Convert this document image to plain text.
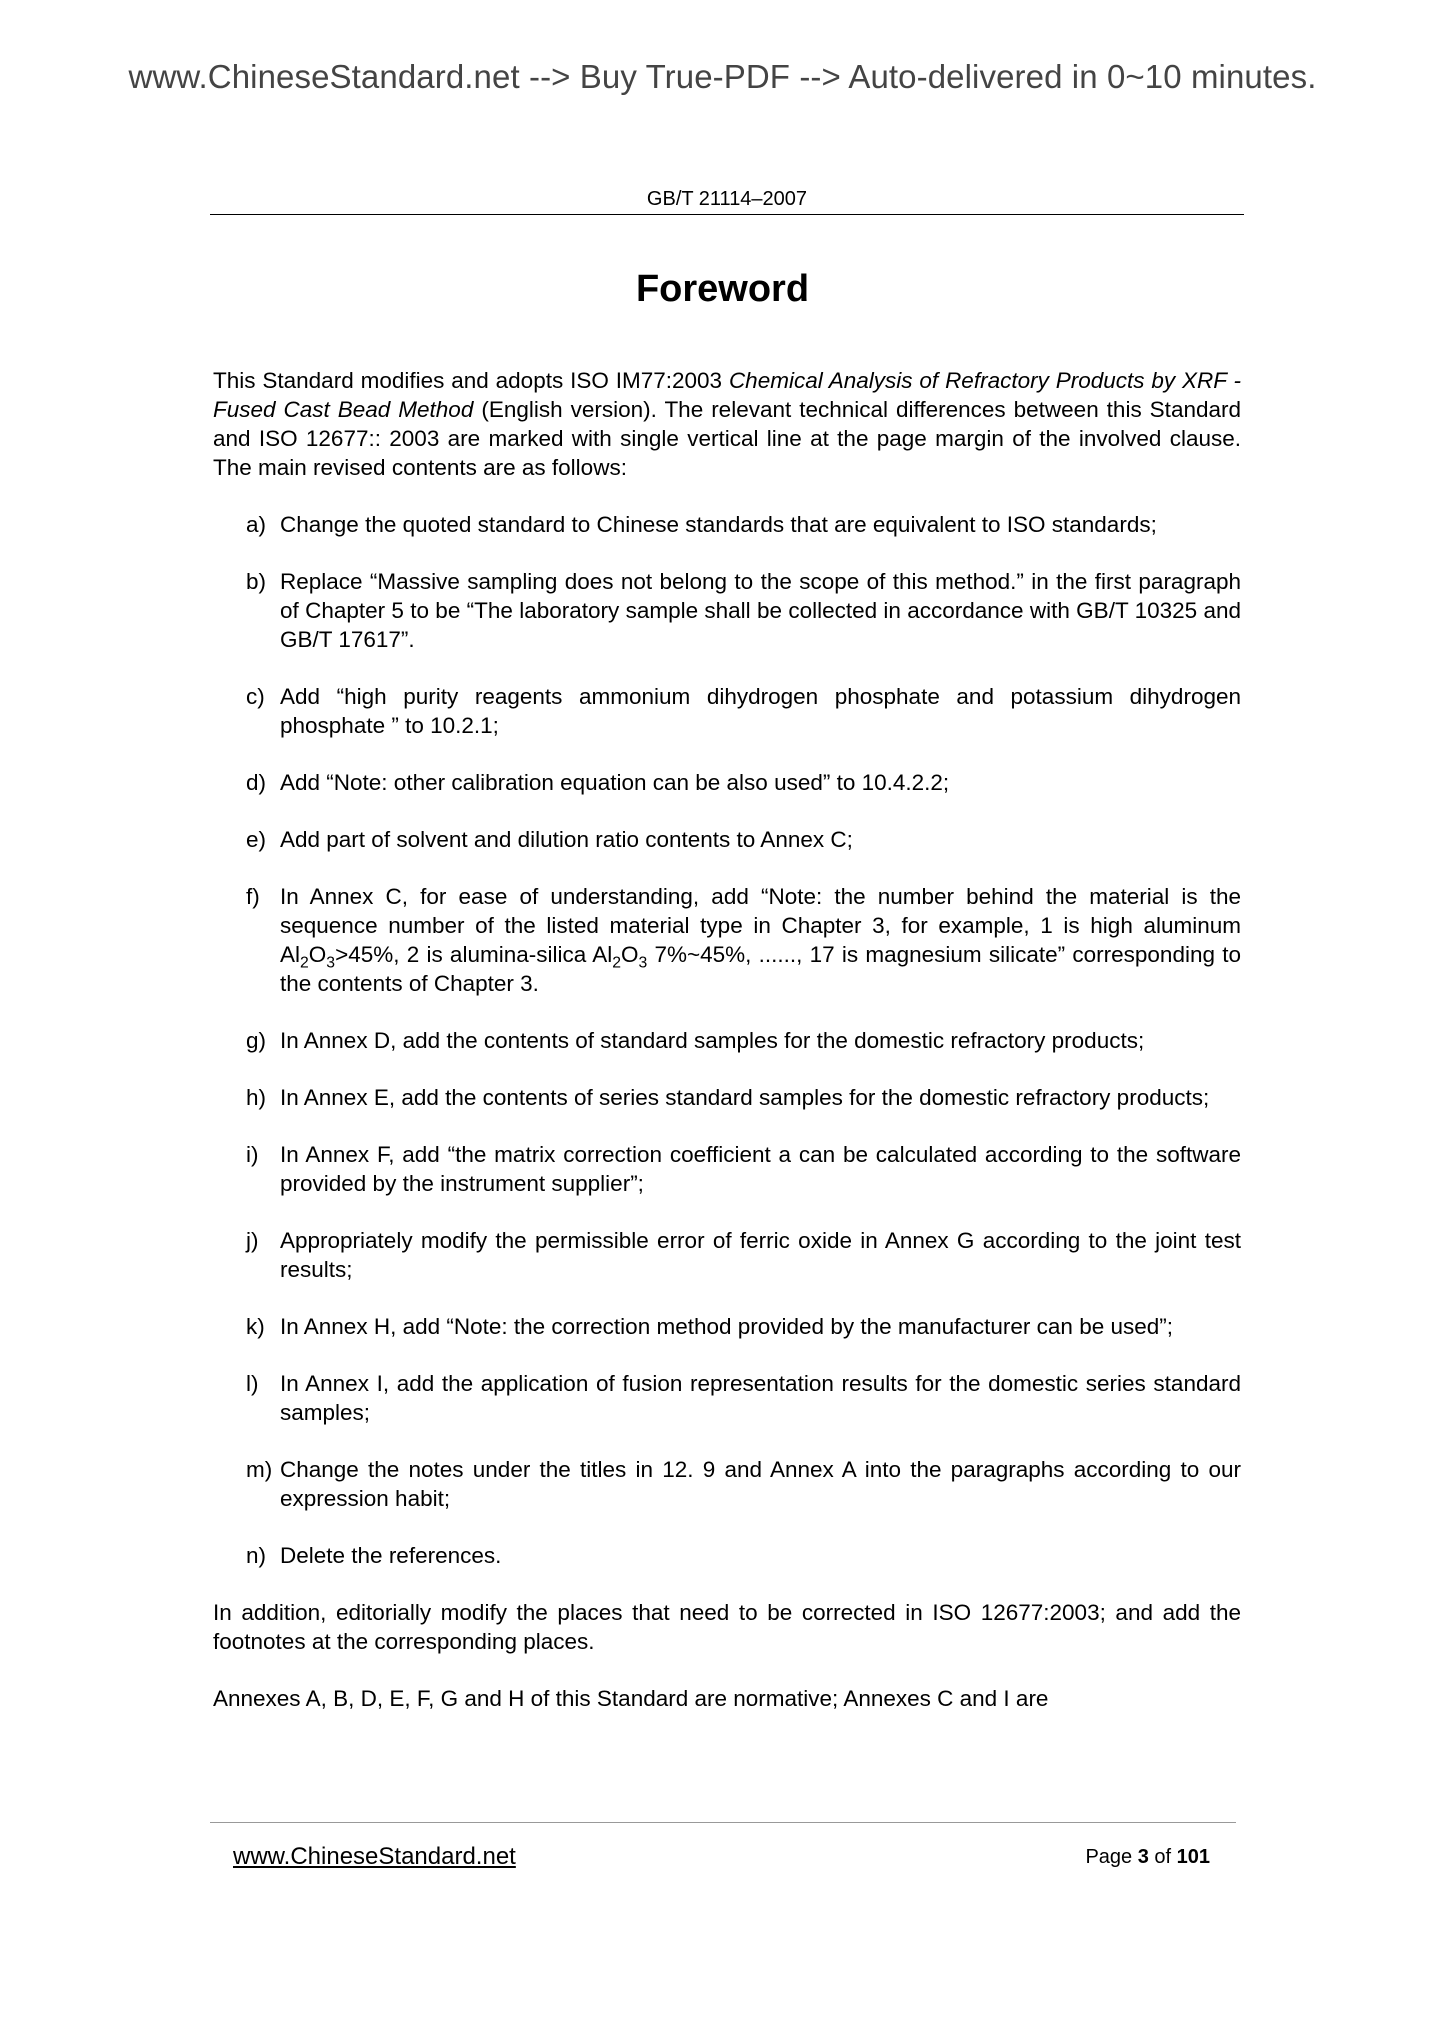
www.ChineseStandard.net --> Buy True-PDF --> Auto-delivered in 0~10 minutes.
GB/T 21114–2007
Foreword

This Standard modifies and adopts ISO IM77:2003 Chemical Analysis of Refractory Products by XRF - Fused Cast Bead Method (English version). The relevant technical differences between this Standard and ISO 12677:: 2003 are marked with single vertical line at the page margin of the involved clause. The main revised contents are as follows:

a) Change the quoted standard to Chinese standards that are equivalent to ISO standards;
b) Replace “Massive sampling does not belong to the scope of this method.” in the first paragraph of Chapter 5 to be “The laboratory sample shall be collected in accordance with GB/T 10325 and GB/T 17617”.
c) Add “high purity reagents ammonium dihydrogen phosphate and potassium dihydrogen phosphate ” to 10.2.1;
d) Add “Note: other calibration equation can be also used” to 10.4.2.2;
e) Add part of solvent and dilution ratio contents to Annex C;
f) In Annex C, for ease of understanding, add “Note: the number behind the material is the sequence number of the listed material type in Chapter 3, for example, 1 is high aluminum $Al_2O_3>45\%$, 2 is alumina-silica $Al_2O_3$ 7%~45%, ......, 17 is magnesium silicate” corresponding to the contents of Chapter 3.
g) In Annex D, add the contents of standard samples for the domestic refractory products;
h) In Annex E, add the contents of series standard samples for the domestic refractory products;
i) In Annex F, add “the matrix correction coefficient a can be calculated according to the software provided by the instrument supplier”;
j) Appropriately modify the permissible error of ferric oxide in Annex G according to the joint test results;
k) In Annex H, add “Note: the correction method provided by the manufacturer can be used”;
l) In Annex I, add the application of fusion representation results for the domestic series standard samples;
m) Change the notes under the titles in 12. 9 and Annex A into the paragraphs according to our expression habit;
n) Delete the references.

In addition, editorially modify the places that need to be corrected in ISO 12677:2003; and add the footnotes at the corresponding places.

Annexes A, B, D, E, F, G and H of this Standard are normative; Annexes C and I are

www.ChineseStandard.net	Page 3 of 101
